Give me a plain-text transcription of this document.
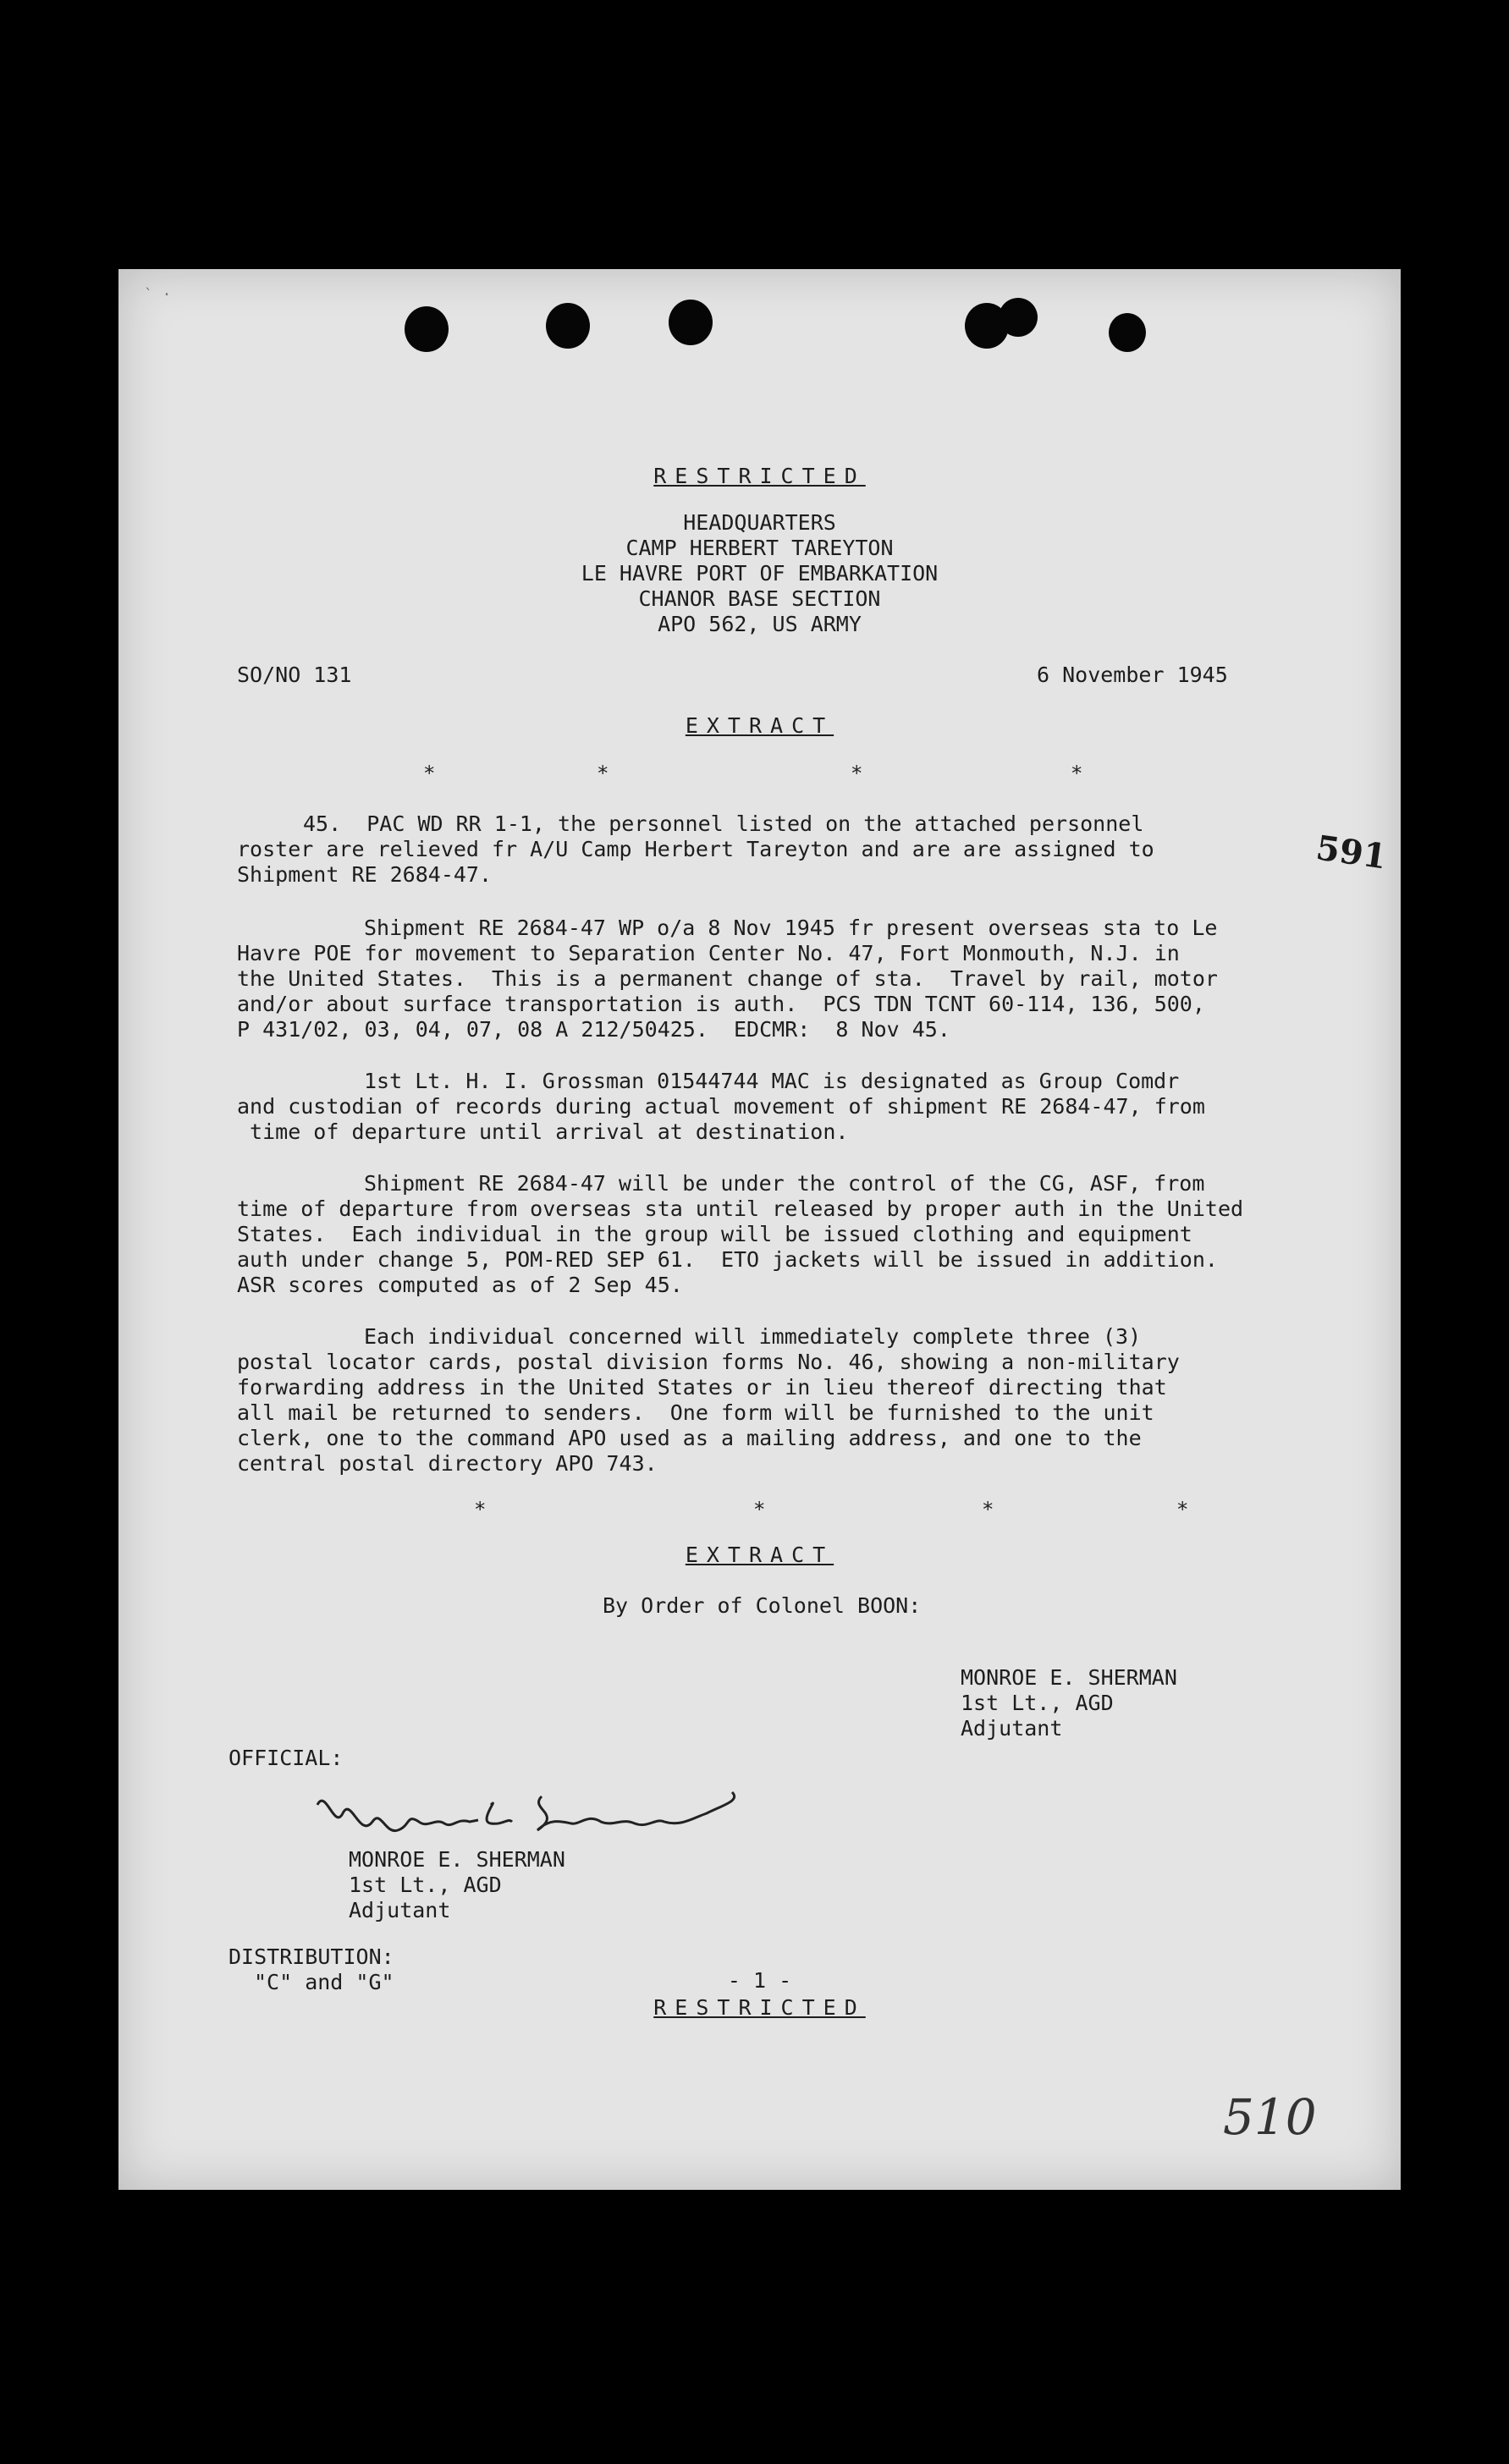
` ·
RESTRICTED
HEADQUARTERS
CAMP HERBERT TAREYTON
LE HAVRE PORT OF EMBARKATION
CHANOR BASE SECTION
APO 562, US ARMY
SO/NO 131	6 November 1945
EXTRACT
*	*	*	*
591
45.  PAC WD RR 1-1, the personnel listed on the attached personnel
roster are relieved fr A/U Camp Herbert Tareyton and are are assigned to
Shipment RE 2684-47.
Shipment RE 2684-47 WP o/a 8 Nov 1945 fr present overseas sta to Le
Havre POE for movement to Separation Center No. 47, Fort Monmouth, N.J. in
the United States.  This is a permanent change of sta.  Travel by rail, motor
and/or about surface transportation is auth.  PCS TDN TCNT 60-114, 136, 500,
P 431/02, 03, 04, 07, 08 A 212/50425.  EDCMR:  8 Nov 45.
1st Lt. H. I. Grossman 01544744 MAC is designated as Group Comdr
and custodian of records during actual movement of shipment RE 2684-47, from
time of departure until arrival at destination.
Shipment RE 2684-47 will be under the control of the CG, ASF, from
time of departure from overseas sta until released by proper auth in the United
States.  Each individual in the group will be issued clothing and equipment
auth under change 5, POM-RED SEP 61.  ETO jackets will be issued in addition.
ASR scores computed as of 2 Sep 45.
Each individual concerned will immediately complete three (3)
postal locator cards, postal division forms No. 46, showing a non-military
forwarding address in the United States or in lieu thereof directing that
all mail be returned to senders.  One form will be furnished to the unit
clerk, one to the command APO used as a mailing address, and one to the
central postal directory APO 743.
*	*	*	*
EXTRACT
By Order of Colonel BOON:
MONROE E. SHERMAN
1st Lt., AGD
Adjutant
OFFICIAL:
MONROE E. SHERMAN
1st Lt., AGD
Adjutant
DISTRIBUTION:
"C" and "G"	- 1 -
RESTRICTED
510
